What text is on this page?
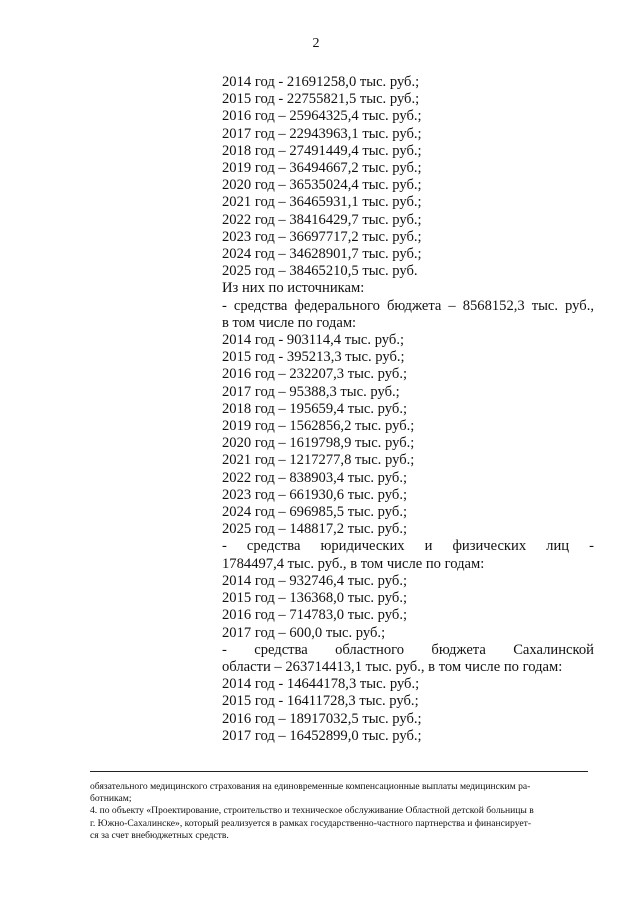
2
2014 год - 21691258,0 тыс. руб.;
2015 год - 22755821,5 тыс. руб.;
2016 год – 25964325,4 тыс. руб.;
2017 год – 22943963,1 тыс. руб.;
2018 год – 27491449,4 тыс. руб.;
2019 год – 36494667,2 тыс. руб.;
2020 год – 36535024,4 тыс. руб.;
2021 год – 36465931,1 тыс. руб.;
2022 год – 38416429,7 тыс. руб.;
2023 год – 36697717,2 тыс. руб.;
2024 год – 34628901,7 тыс. руб.;
2025 год – 38465210,5 тыс. руб.
Из них по источникам:
- средства федерального бюджета – 8568152,3 тыс. руб.,
в том числе по годам:
2014 год - 903114,4 тыс. руб.;
2015 год - 395213,3 тыс. руб.;
2016 год – 232207,3 тыс. руб.;
2017 год – 95388,3 тыс. руб.;
2018 год – 195659,4 тыс. руб.;
2019 год – 1562856,2 тыс. руб.;
2020 год – 1619798,9 тыс. руб.;
2021 год – 1217277,8 тыс. руб.;
2022 год – 838903,4 тыс. руб.;
2023 год – 661930,6 тыс. руб.;
2024 год – 696985,5 тыс. руб.;
2025 год – 148817,2 тыс. руб.;
- средства юридических и физических лиц -
1784497,4 тыс. руб., в том числе по годам:
2014 год – 932746,4 тыс. руб.;
2015 год – 136368,0 тыс. руб.;
2016 год – 714783,0 тыс. руб.;
2017 год – 600,0 тыс. руб.;
- средства областного бюджета Сахалинской
области – 263714413,1 тыс. руб., в том числе по годам:
2014 год - 14644178,3 тыс. руб.;
2015 год - 16411728,3 тыс. руб.;
2016 год – 18917032,5 тыс. руб.;
2017 год – 16452899,0 тыс. руб.;
обязательного медицинского страхования на единовременные компенсационные выплаты медицинским ра-
ботникам;
4. по объекту «Проектирование, строительство и техническое обслуживание Областной детской больницы в
г. Южно-Сахалинске», который реализуется в рамках государственно-частного партнерства и финансирует-
ся за счет внебюджетных средств.
